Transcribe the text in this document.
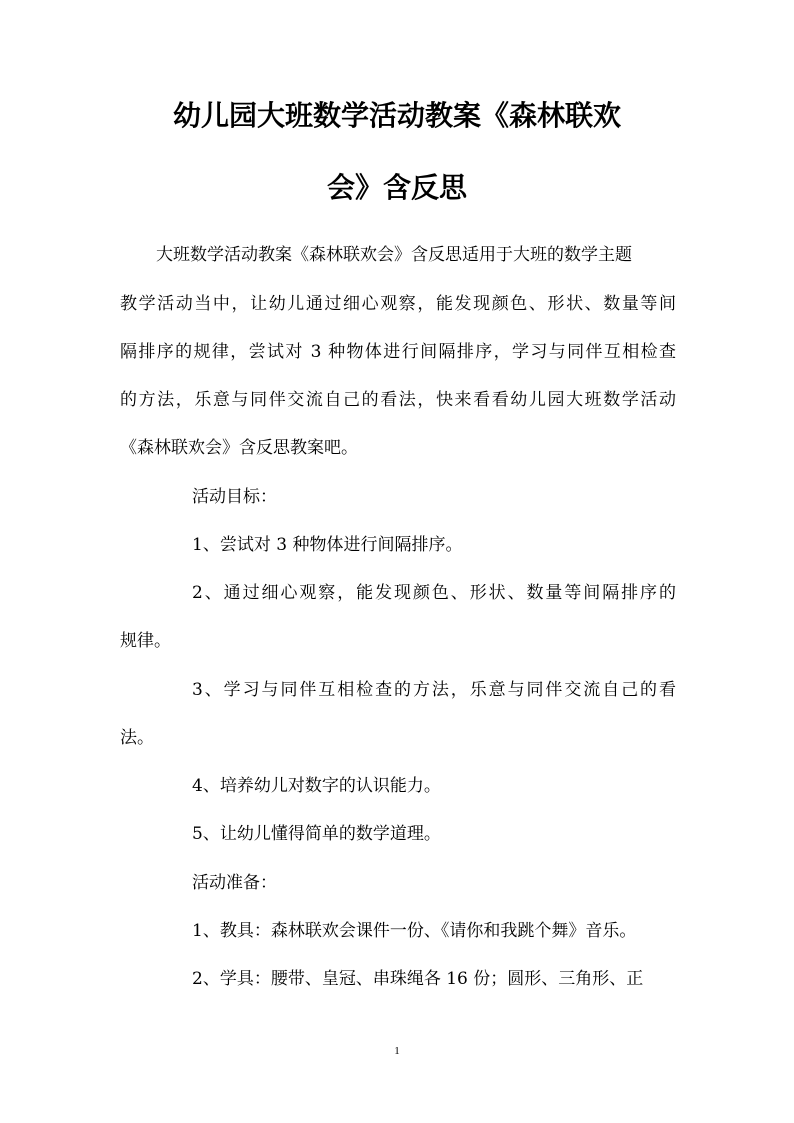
幼儿园大班数学活动教案《森林联欢
会》含反思
大班数学活动教案《森林联欢会》含反思适用于大班的数学主题
教学活动当中，让幼儿通过细心观察，能发现颜色、形状、数量等间
隔排序的规律，尝试对 3 种物体进行间隔排序，学习与同伴互相检查
的方法，乐意与同伴交流自己的看法，快来看看幼儿园大班数学活动
《森林联欢会》含反思教案吧。
活动目标：
1、尝试对 3 种物体进行间隔排序。
2、通过细心观察，能发现颜色、形状、数量等间隔排序的
规律。
3、学习与同伴互相检查的方法，乐意与同伴交流自己的看
法。
4、培养幼儿对数字的认识能力。
5、让幼儿懂得简单的数学道理。
活动准备：
1、教具：森林联欢会课件一份、《请你和我跳个舞》音乐。
2、学具：腰带、皇冠、串珠绳各 16 份；圆形、三角形、正
1
